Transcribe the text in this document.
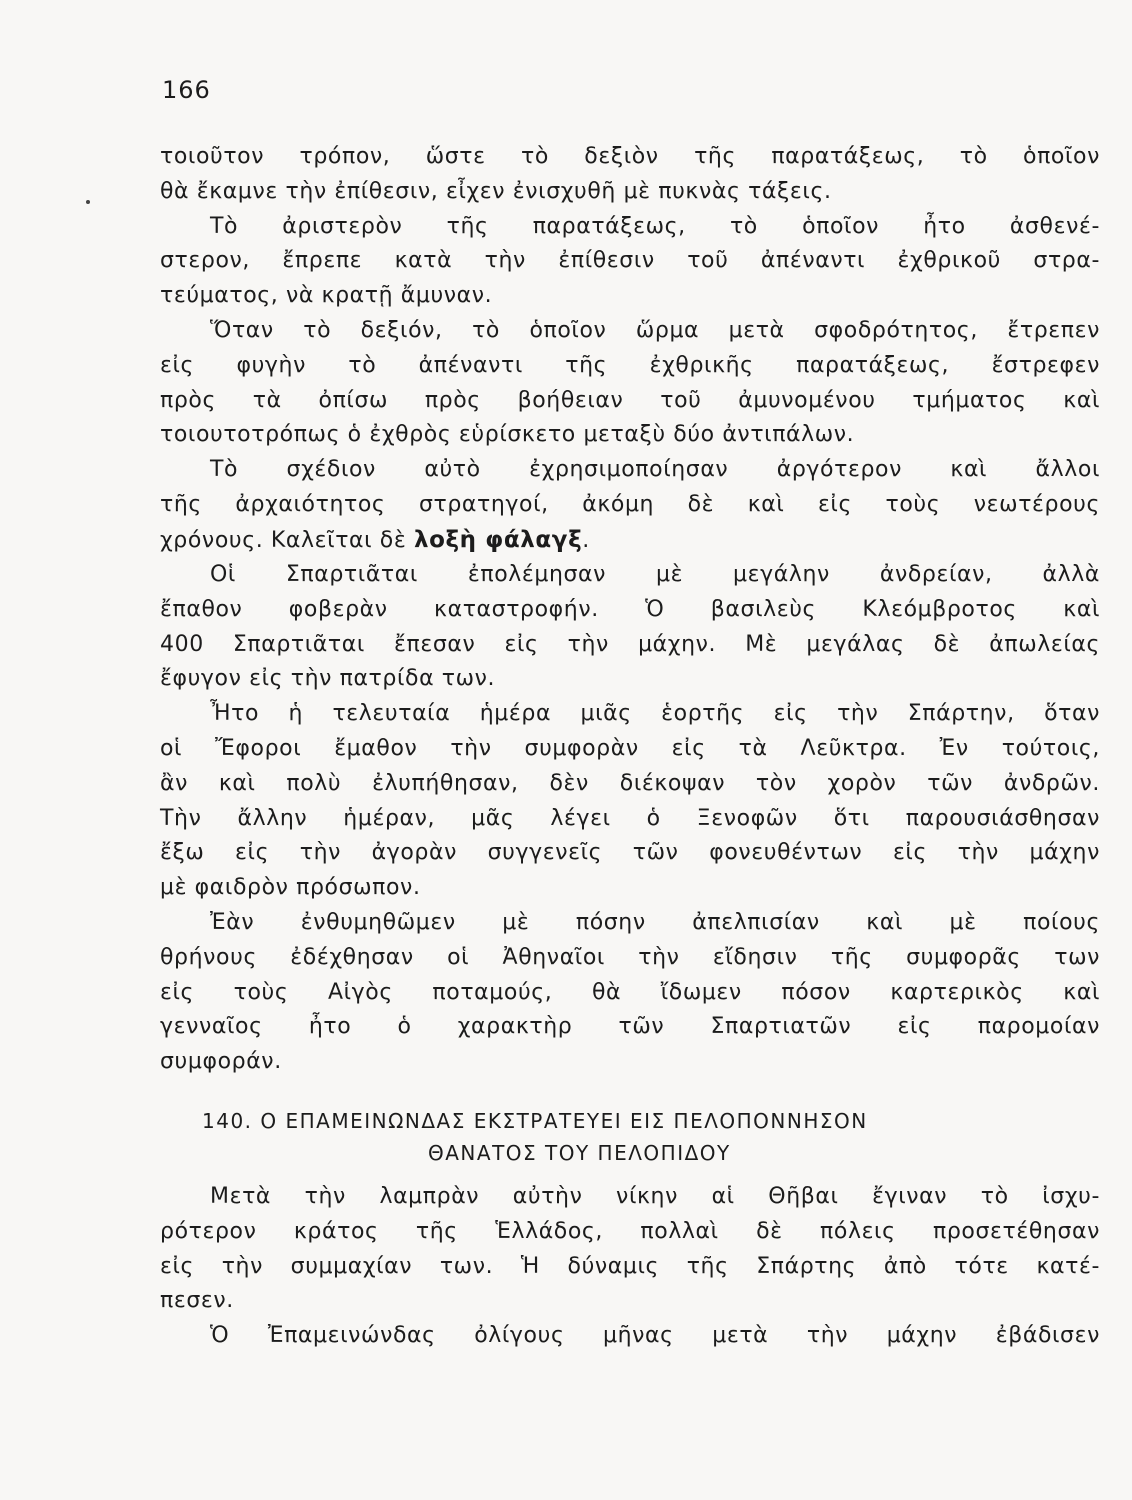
166
τοιοῦτον τρόπον, ὥστε τὸ δεξιὸν τῆς παρατάξεως, τὸ ὁποῖον
θὰ ἔκαμνε τὴν ἐπίθεσιν, εἶχεν ἐνισχυθῆ μὲ πυκνὰς τάξεις.
Τὸ ἀριστερὸν τῆς παρατάξεως, τὸ ὁποῖον ἦτο ἀσθενέ-
στερον, ἔπρεπε κατὰ τὴν ἐπίθεσιν τοῦ ἀπέναντι ἐχθρικοῦ στρα-
τεύματος, νὰ κρατῇ ἄμυναν.
Ὅταν τὸ δεξιόν, τὸ ὁποῖον ὥρμα μετὰ σφοδρότητος, ἔτρεπεν
εἰς φυγὴν τὸ ἀπέναντι τῆς ἐχθρικῆς παρατάξεως, ἔστρεφεν
πρὸς τὰ ὀπίσω πρὸς βοήθειαν τοῦ ἀμυνομένου τμήματος καὶ
τοιουτοτρόπως ὁ ἐχθρὸς εὑρίσκετο μεταξὺ δύο ἀντιπάλων.
Τὸ σχέδιον αὐτὸ ἐχρησιμοποίησαν ἀργότερον καὶ ἄλλοι
τῆς ἀρχαιότητος στρατηγοί, ἀκόμη δὲ καὶ εἰς τοὺς νεωτέρους
χρόνους. Καλεῖται δὲ λοξὴ φάλαγξ.
Οἱ Σπαρτιᾶται ἐπολέμησαν μὲ μεγάλην ἀνδρείαν, ἀλλὰ
ἔπαθον φοβερὰν καταστροφήν. Ὁ βασιλεὺς Κλεόμβροτος καὶ
400 Σπαρτιᾶται ἔπεσαν εἰς τὴν μάχην. Μὲ μεγάλας δὲ ἀπωλείας
ἔφυγον εἰς τὴν πατρίδα των.
Ἦτο ἡ τελευταία ἡμέρα μιᾶς ἑορτῆς εἰς τὴν Σπάρτην, ὅταν
οἱ Ἔφοροι ἔμαθον τὴν συμφορὰν εἰς τὰ Λεῦκτρα. Ἐν τούτοις,
ἂν καὶ πολὺ ἐλυπήθησαν, δὲν διέκοψαν τὸν χορὸν τῶν ἀνδρῶν.
Τὴν ἄλλην ἡμέραν, μᾶς λέγει ὁ Ξενοφῶν ὅτι παρουσιάσθησαν
ἔξω εἰς τὴν ἀγορὰν συγγενεῖς τῶν φονευθέντων εἰς τὴν μάχην
μὲ φαιδρὸν πρόσωπον.
Ἐὰν ἐνθυμηθῶμεν μὲ πόσην ἀπελπισίαν καὶ μὲ ποίους
θρήνους ἐδέχθησαν οἱ Ἀθηναῖοι τὴν εἴδησιν τῆς συμφορᾶς των
εἰς τοὺς Αἰγὸς ποταμούς, θὰ ἴδωμεν πόσον καρτερικὸς καὶ
γενναῖος ἦτο ὁ χαρακτὴρ τῶν Σπαρτιατῶν εἰς παρομοίαν
συμφοράν.
140. Ο ΕΠΑΜΕΙΝΩΝΔΑΣ ΕΚΣΤΡΑΤΕΥΕΙ ΕΙΣ ΠΕΛΟΠΟΝΝΗΣΟΝ
ΘΑΝΑΤΟΣ ΤΟΥ ΠΕΛΟΠΙΔΟΥ
Μετὰ τὴν λαμπρὰν αὐτὴν νίκην αἱ Θῆβαι ἔγιναν τὸ ἰσχυ-
ρότερον κράτος τῆς Ἑλλάδος, πολλαὶ δὲ πόλεις προσετέθησαν
εἰς τὴν συμμαχίαν των. Ἡ δύναμις τῆς Σπάρτης ἀπὸ τότε κατέ-
πεσεν.
Ὁ Ἐπαμεινώνδας ὀλίγους μῆνας μετὰ τὴν μάχην ἐβάδισεν
